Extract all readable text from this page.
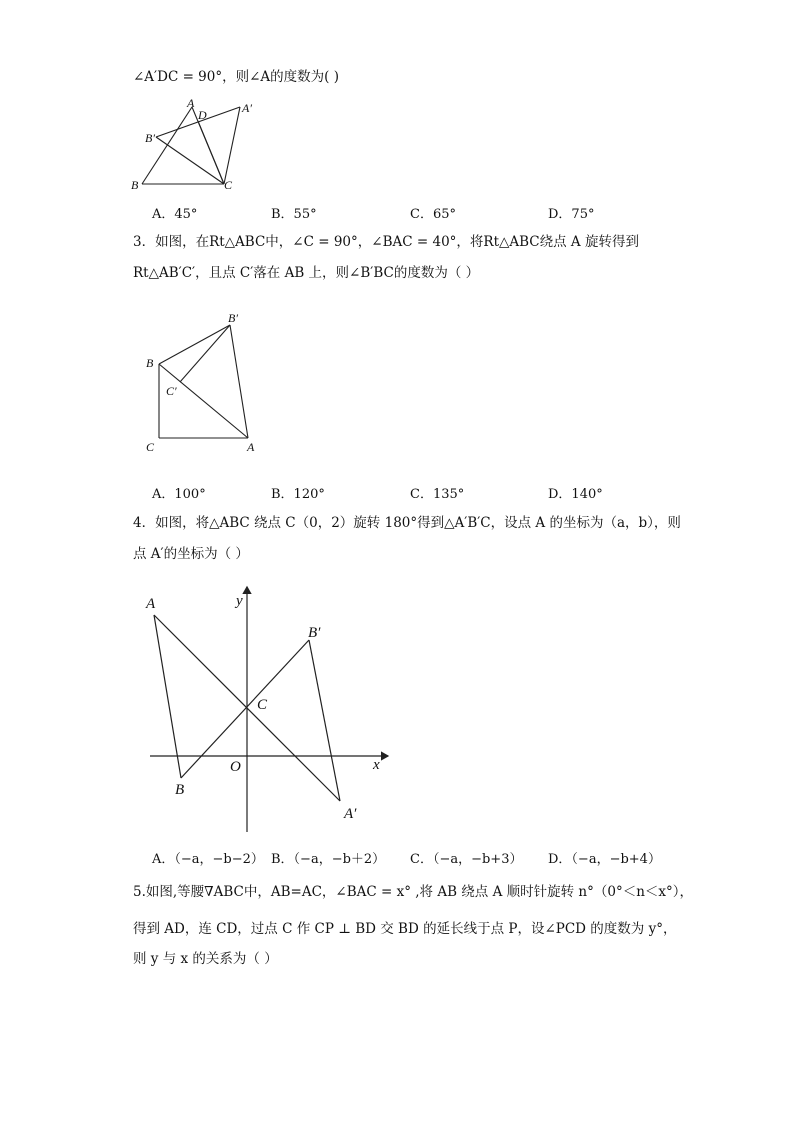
∠A′DC = 90°，则∠A的度数为( )
A
D	A′
B′
B	C
A．45°	B．55°	C．65°	D．75°
3．如图，在Rt△ABC中，∠C = 90°，∠BAC = 40°，将Rt△ABC绕点 A 旋转得到
Rt△AB′C′，且点 C′落在 AB 上，则∠B′BC的度数为（ ）
B′
B
C′
C	A
A．100°	B．120°	C．135°	D．140°
4．如图，将△ABC 绕点 C（0，2）旋转 180°得到△A′B′C，设点 A 的坐标为（a，b），则
点 A′的坐标为（ ）
y
A
B′
C
O	x
B
A′
A．（−a，−b−2） B．（−a，−b＋2） C．（−a，−b+3） D．（−a，−b+4）
5.如图,等腰∇ABC中，AB=AC，∠BAC = x° ,将 AB 绕点 A 顺时针旋转 n°（0°＜n＜x°），
得到 AD，连 CD，过点 C 作 CP ⊥ BD 交 BD 的延长线于点 P，设∠PCD 的度数为 y°，
则 y 与 x 的关系为（ ）
